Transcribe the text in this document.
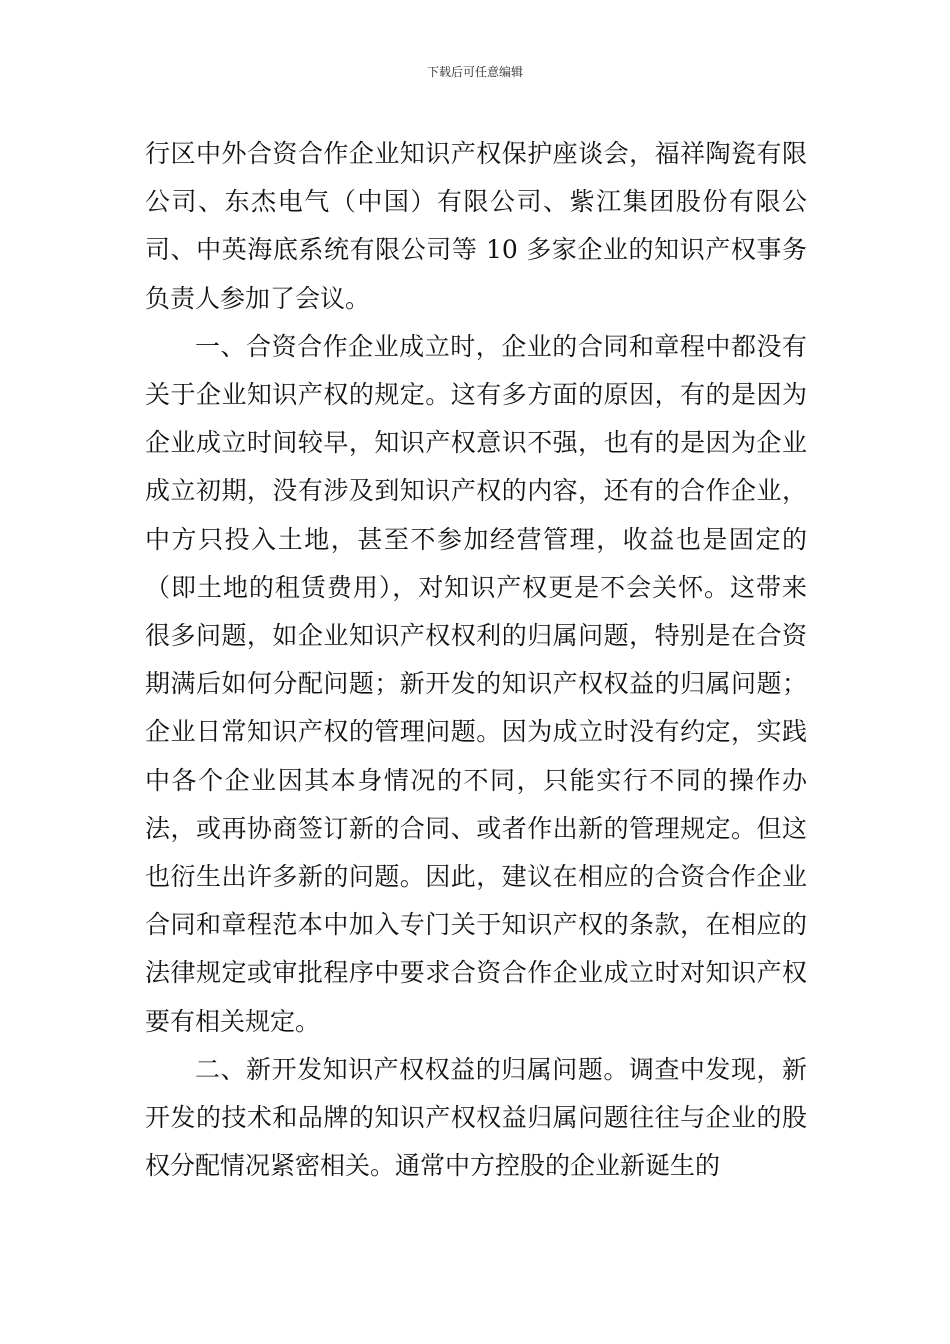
下载后可任意编辑

行区中外合资合作企业知识产权保护座谈会，福祥陶瓷有限公司、东杰电气（中国）有限公司、紫江集团股份有限公司、中英海底系统有限公司等 10 多家企业的知识产权事务负责人参加了会议。

一、合资合作企业成立时，企业的合同和章程中都没有关于企业知识产权的规定。这有多方面的原因，有的是因为企业成立时间较早，知识产权意识不强，也有的是因为企业成立初期，没有涉及到知识产权的内容，还有的合作企业，中方只投入土地，甚至不参加经营管理，收益也是固定的（即土地的租赁费用），对知识产权更是不会关怀。这带来很多问题，如企业知识产权权利的归属问题，特别是在合资期满后如何分配问题；新开发的知识产权权益的归属问题；企业日常知识产权的管理问题。因为成立时没有约定，实践中各个企业因其本身情况的不同，只能实行不同的操作办法，或再协商签订新的合同、或者作出新的管理规定。但这也衍生出许多新的问题。因此，建议在相应的合资合作企业合同和章程范本中加入专门关于知识产权的条款，在相应的法律规定或审批程序中要求合资合作企业成立时对知识产权要有相关规定。

二、新开发知识产权权益的归属问题。调查中发现，新开发的技术和品牌的知识产权权益归属问题往往与企业的股权分配情况紧密相关。通常中方控股的企业新诞生的
